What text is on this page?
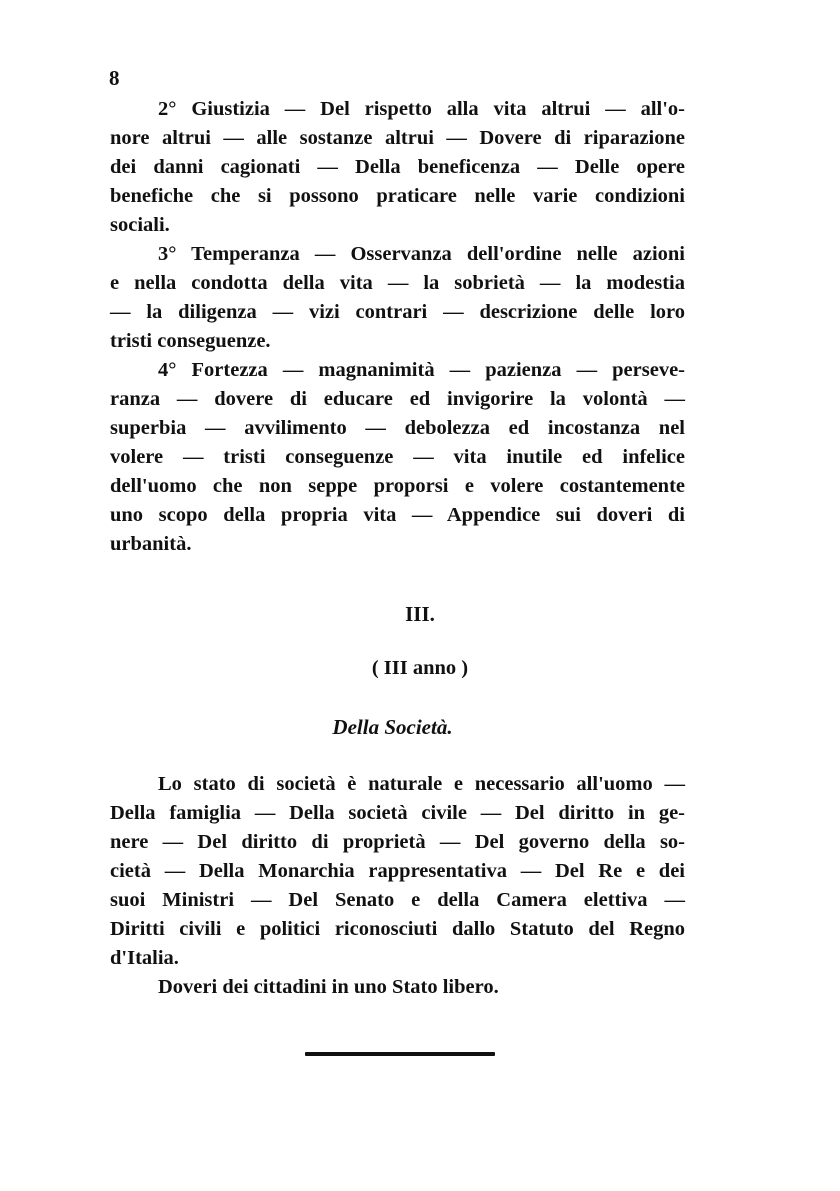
8
2° Giustizia — Del rispetto alla vita altrui — all'o-
nore altrui — alle sostanze altrui — Dovere di riparazione
dei danni cagionati — Della beneficenza — Delle opere
benefiche che si possono praticare nelle varie condizioni
sociali.
3° Temperanza — Osservanza dell'ordine nelle azioni
e nella condotta della vita — la sobrietà — la modestia
— la diligenza — vizi contrari — descrizione delle loro
tristi conseguenze.
4° Fortezza — magnanimità — pazienza — perseve-
ranza — dovere di educare ed invigorire la volontà —
superbia — avvilimento — debolezza ed incostanza nel
volere — tristi conseguenze — vita inutile ed infelice
dell'uomo che non seppe proporsi e volere costantemente
uno scopo della propria vita — Appendice sui doveri di
urbanità.
III.
( III anno )
Della Società.
Lo stato di società è naturale e necessario all'uomo —
Della famiglia — Della società civile — Del diritto in ge-
nere — Del diritto di proprietà — Del governo della so-
cietà — Della Monarchia rappresentativa — Del Re e dei
suoi Ministri — Del Senato e della Camera elettiva —
Diritti civili e politici riconosciuti dallo Statuto del Regno
d'Italia.
Doveri dei cittadini in uno Stato libero.
